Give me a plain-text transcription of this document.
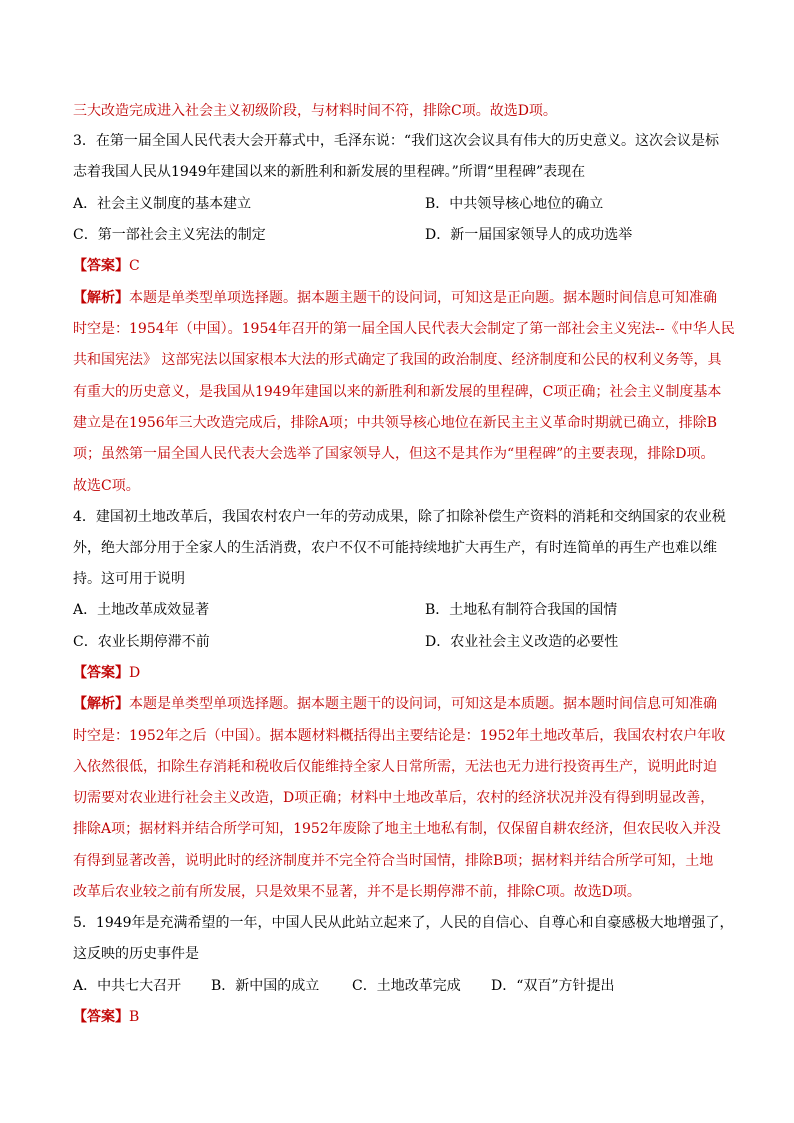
三大改造完成进入社会主义初级阶段，与材料时间不符，排除C项。故选D项。
3．在第一届全国人民代表大会开幕式中，毛泽东说：“我们这次会议具有伟大的历史意义。这次会议是标
志着我国人民从1949年建国以来的新胜利和新发展的里程碑。”所谓“里程碑”表现在
A．社会主义制度的基本建立	B．中共领导核心地位的确立
C．第一部社会主义宪法的制定	D．新一届国家领导人的成功选举
【答案】C
【解析】本题是单类型单项选择题。据本题主题干的设问词，可知这是正向题。据本题时间信息可知准确
时空是：1954年（中国）。1954年召开的第一届全国人民代表大会制定了第一部社会主义宪法--《中华人民
共和国宪法》 这部宪法以国家根本大法的形式确定了我国的政治制度、经济制度和公民的权利义务等，具
有重大的历史意义，是我国从1949年建国以来的新胜利和新发展的里程碑，C项正确；社会主义制度基本
建立是在1956年三大改造完成后，排除A项；中共领导核心地位在新民主主义革命时期就已确立，排除B
项；虽然第一届全国人民代表大会选举了国家领导人，但这不是其作为“里程碑”的主要表现，排除D项。
故选C项。
4．建国初土地改革后，我国农村农户一年的劳动成果，除了扣除补偿生产资料的消耗和交纳国家的农业税
外，绝大部分用于全家人的生活消费，农户不仅不可能持续地扩大再生产，有时连简单的再生产也难以维
持。这可用于说明
A．土地改革成效显著	B．土地私有制符合我国的国情
C．农业长期停滞不前	D．农业社会主义改造的必要性
【答案】D
【解析】本题是单类型单项选择题。据本题主题干的设问词，可知这是本质题。据本题时间信息可知准确
时空是：1952年之后（中国）。据本题材料概括得出主要结论是：1952年土地改革后，我国农村农户年收
入依然很低，扣除生存消耗和税收后仅能维持全家人日常所需，无法也无力进行投资再生产，说明此时迫
切需要对农业进行社会主义改造，D项正确；材料中土地改革后，农村的经济状况并没有得到明显改善，
排除A项；据材料并结合所学可知，1952年废除了地主土地私有制，仅保留自耕农经济，但农民收入并没
有得到显著改善，说明此时的经济制度并不完全符合当时国情，排除B项；据材料并结合所学可知，土地
改革后农业较之前有所发展，只是效果不显著，并不是长期停滞不前，排除C项。故选D项。
5．1949年是充满希望的一年，中国人民从此站立起来了，人民的自信心、自尊心和自豪感极大地增强了，
这反映的历史事件是
A．中共七大召开 B．新中国的成立 C．土地改革完成 D．“双百”方针提出
【答案】B
